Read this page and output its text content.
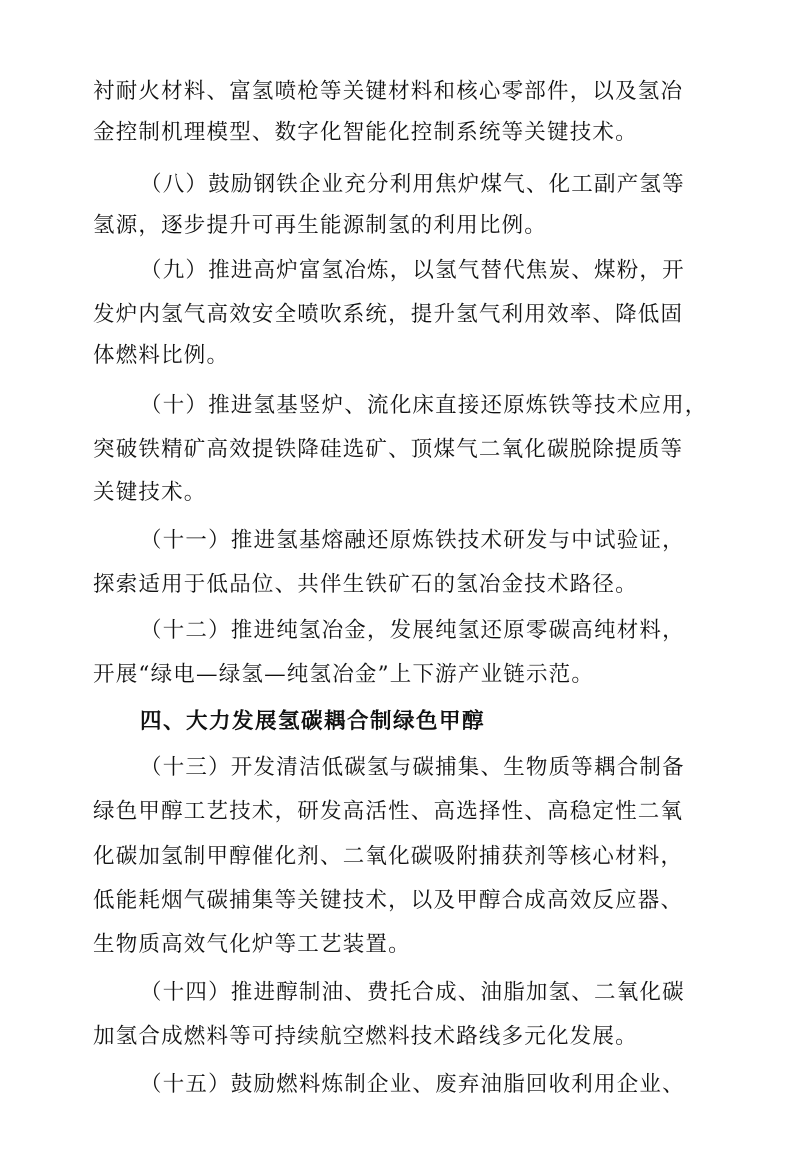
衬耐火材料、富氢喷枪等关键材料和核心零部件，以及氢冶
金控制机理模型、数字化智能化控制系统等关键技术。
（八）鼓励钢铁企业充分利用焦炉煤气、化工副产氢等
氢源，逐步提升可再生能源制氢的利用比例。
（九）推进高炉富氢冶炼，以氢气替代焦炭、煤粉，开
发炉内氢气高效安全喷吹系统，提升氢气利用效率、降低固
体燃料比例。
（十）推进氢基竖炉、流化床直接还原炼铁等技术应用，
突破铁精矿高效提铁降硅选矿、顶煤气二氧化碳脱除提质等
关键技术。
（十一）推进氢基熔融还原炼铁技术研发与中试验证，
探索适用于低品位、共伴生铁矿石的氢冶金技术路径。
（十二）推进纯氢冶金，发展纯氢还原零碳高纯材料，
开展“绿电—绿氢—纯氢冶金”上下游产业链示范。
四、大力发展氢碳耦合制绿色甲醇
（十三）开发清洁低碳氢与碳捕集、生物质等耦合制备
绿色甲醇工艺技术，研发高活性、高选择性、高稳定性二氧
化碳加氢制甲醇催化剂、二氧化碳吸附捕获剂等核心材料，
低能耗烟气碳捕集等关键技术，以及甲醇合成高效反应器、
生物质高效气化炉等工艺装置。
（十四）推进醇制油、费托合成、油脂加氢、二氧化碳
加氢合成燃料等可持续航空燃料技术路线多元化发展。
（十五）鼓励燃料炼制企业、废弃油脂回收利用企业、
